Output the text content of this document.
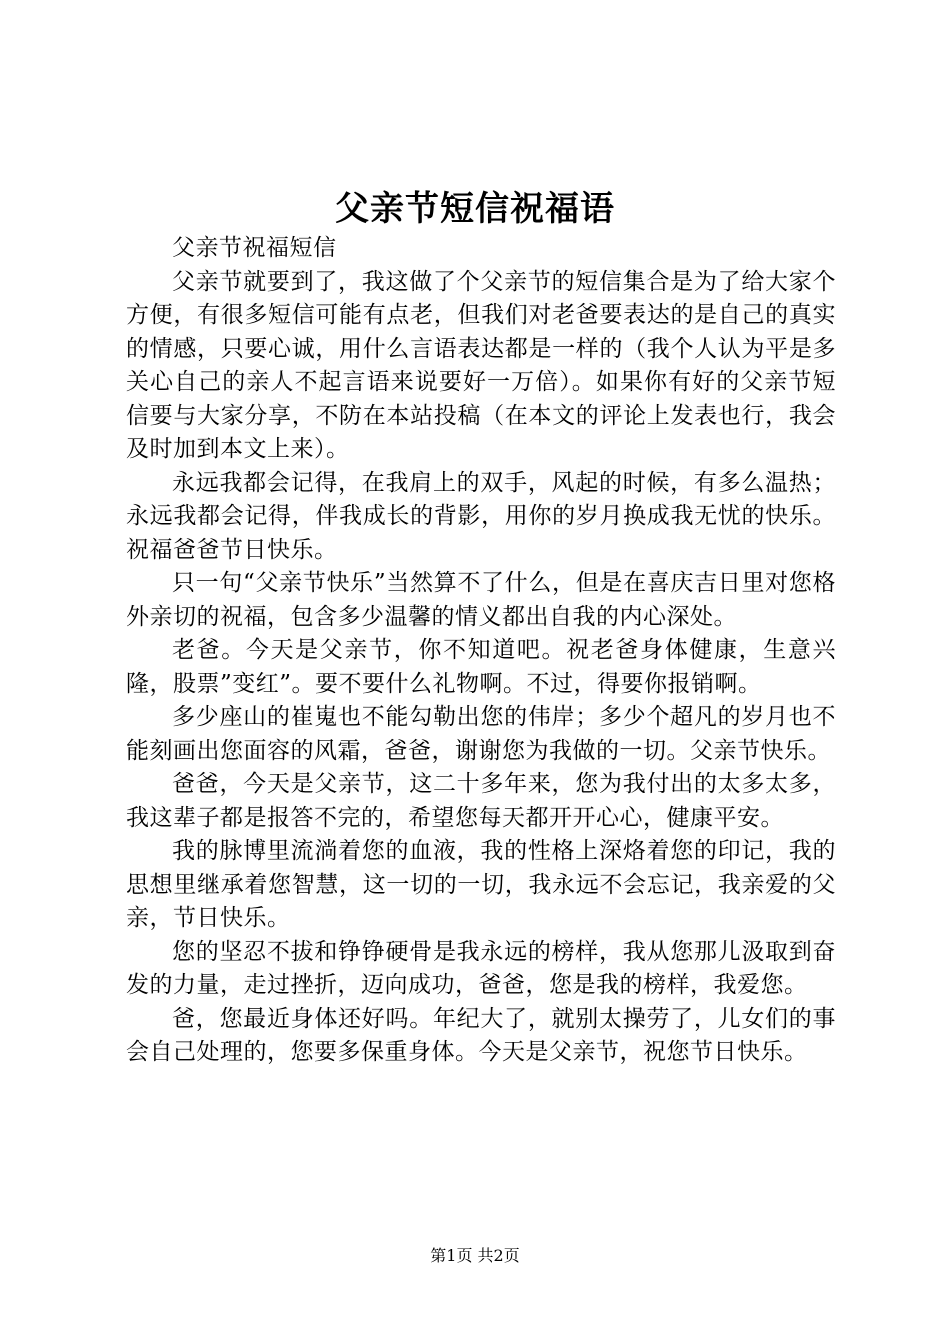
父亲节短信祝福语

父亲节祝福短信

父亲节就要到了，我这做了个父亲节的短信集合是为了给大家个方便，有很多短信可能有点老，但我们对老爸要表达的是自己的真实的情感，只要心诚，用什么言语表达都是一样的（我个人认为平是多关心自己的亲人不起言语来说要好一万倍）。如果你有好的父亲节短信要与大家分享，不防在本站投稿（在本文的评论上发表也行，我会及时加到本文上来）。

永远我都会记得，在我肩上的双手，风起的时候，有多么温热；永远我都会记得，伴我成长的背影，用你的岁月换成我无忧的快乐。祝福爸爸节日快乐。

只一句“父亲节快乐”当然算不了什么，但是在喜庆吉日里对您格外亲切的祝福，包含多少温馨的情义都出自我的内心深处。

老爸。今天是父亲节，你不知道吧。祝老爸身体健康，生意兴隆，股票”变红”。要不要什么礼物啊。不过，得要你报销啊。

多少座山的崔嵬也不能勾勒出您的伟岸；多少个超凡的岁月也不能刻画出您面容的风霜，爸爸，谢谢您为我做的一切。父亲节快乐。

爸爸，今天是父亲节，这二十多年来，您为我付出的太多太多，我这辈子都是报答不完的，希望您每天都开开心心，健康平安。

我的脉博里流淌着您的血液，我的性格上深烙着您的印记，我的思想里继承着您智慧，这一切的一切，我永远不会忘记，我亲爱的父亲，节日快乐。

您的坚忍不拔和铮铮硬骨是我永远的榜样，我从您那儿汲取到奋发的力量，走过挫折，迈向成功，爸爸，您是我的榜样，我爱您。

爸，您最近身体还好吗。年纪大了，就别太操劳了，儿女们的事会自己处理的，您要多保重身体。今天是父亲节，祝您节日快乐。

第1页 共2页
